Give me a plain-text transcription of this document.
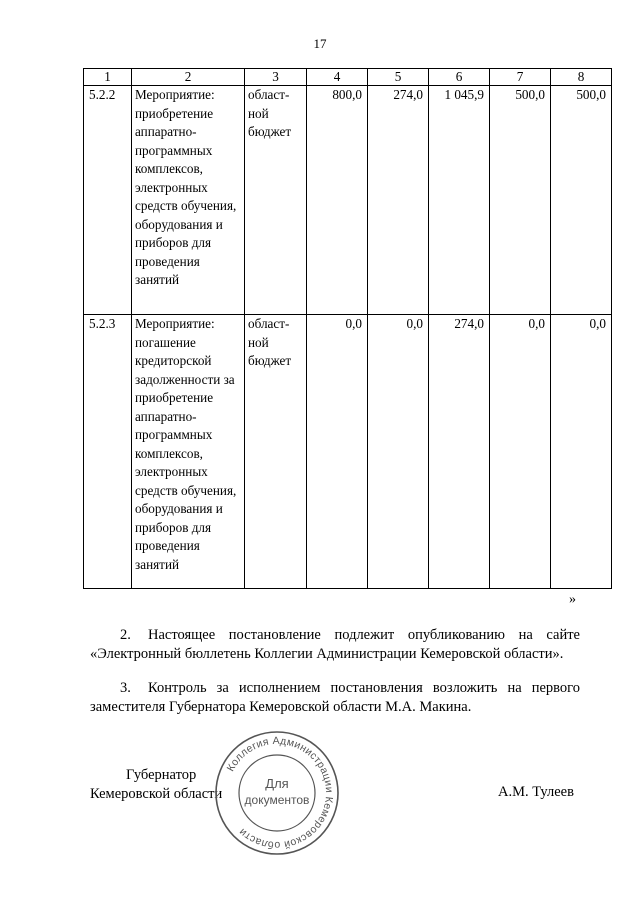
17
1	2	3	4	5	6	7	8
5.2.2	Мероприятие: приобретение аппаратно-программных комплексов, электронных средств обучения, оборудования и приборов для проведения занятий	област-ной бюджет	800,0	274,0	1 045,9	500,0	500,0
5.2.3	Мероприятие: погашение кредиторской задолженности за приобретение аппаратно-программных комплексов, электронных средств обучения, оборудования и приборов для проведения занятий	област-ной бюджет	0,0	0,0	274,0	0,0	0,0
»
2. Настоящее постановление подлежит опубликованию на сайте «Электронный бюллетень Коллегии Администрации Кемеровской области».
3. Контроль за исполнением постановления возложить на первого заместителя Губернатора Кемеровской области М.А. Макина.
Губернатор
Кемеровской области
Коллегия Администрации Кемеровской области
Для
документов	А.М. Тулеев
